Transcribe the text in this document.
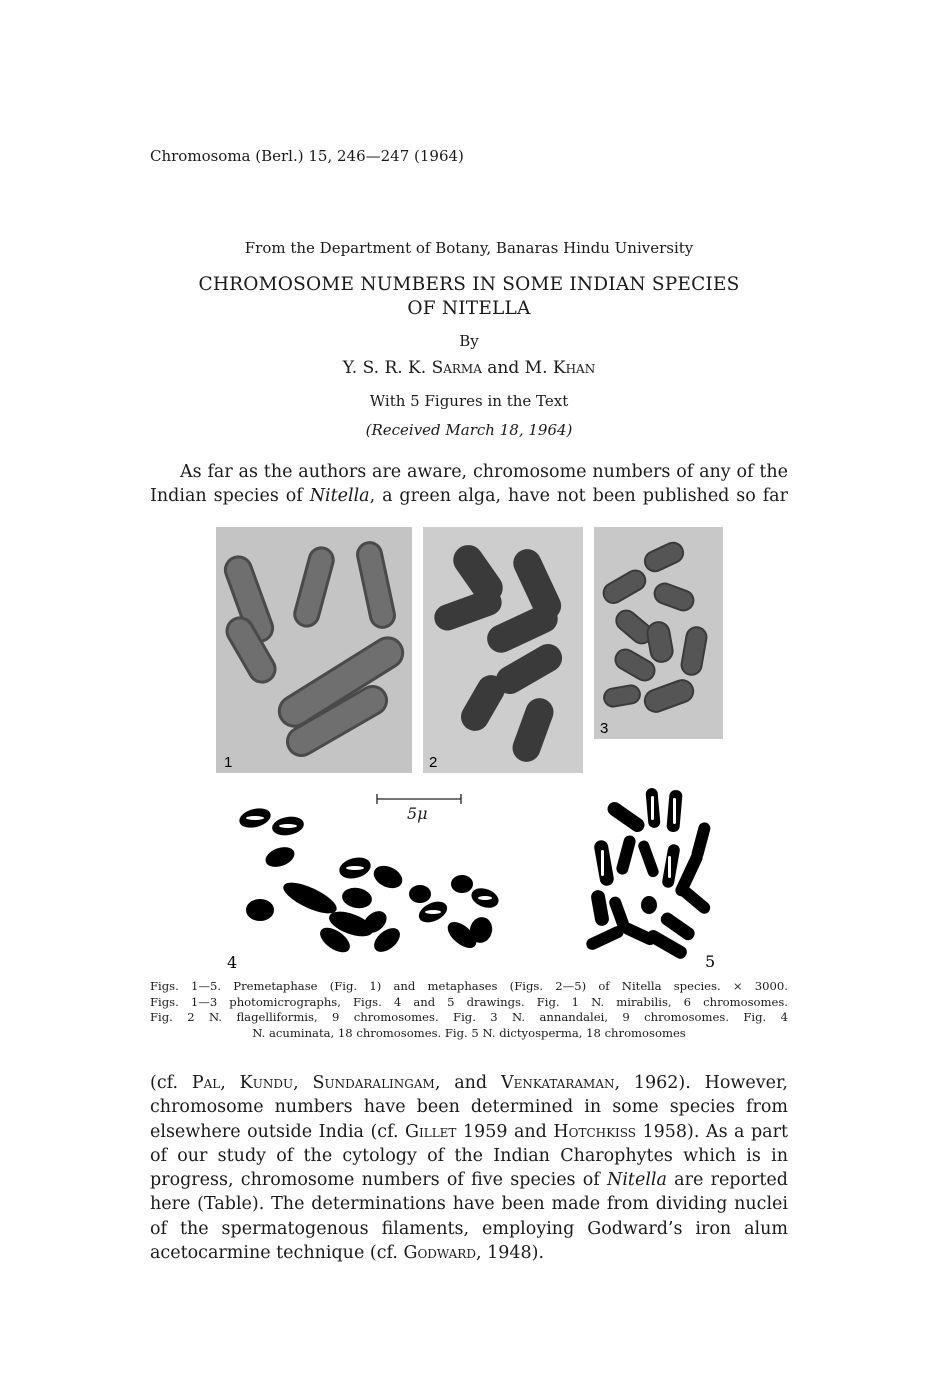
Chromosoma (Berl.) 15, 246—247 (1964)
From the Department of Botany, Banaras Hindu University
CHROMOSOME NUMBERS IN SOME INDIAN SPECIES
OF NITELLA
By
Y. S. R. K. Sarma and M. Khan
With 5 Figures in the Text
(Received March 18, 1964)
As far as the authors are aware, chromosome numbers of any of the Indian species of Nitella, a green alga, have not been published so far
1	2
3
5μ
4	5
Figs. 1—5. Premetaphase (Fig. 1) and metaphases (Figs. 2—5) of Nitella species. × 3000.
Figs. 1—3 photomicrographs, Figs. 4 and 5 drawings. Fig. 1 N. mirabilis, 6 chromosomes.
Fig. 2 N. flagelliformis, 9 chromosomes. Fig. 3 N. annandalei, 9 chromosomes. Fig. 4
N. acuminata, 18 chromosomes. Fig. 5 N. dictyosperma, 18 chromosomes
(cf. Pal, Kundu, Sundaralingam, and Venkataraman, 1962). However, chromosome numbers have been determined in some species from elsewhere outside India (cf. Gillet 1959 and Hotchkiss 1958). As a part of our study of the cytology of the Indian Charophytes which is in progress, chromosome numbers of five species of Nitella are reported here (Table). The determinations have been made from dividing nuclei of the spermatogenous filaments, employing Godward’s iron alum acetocarmine technique (cf. Godward, 1948).
